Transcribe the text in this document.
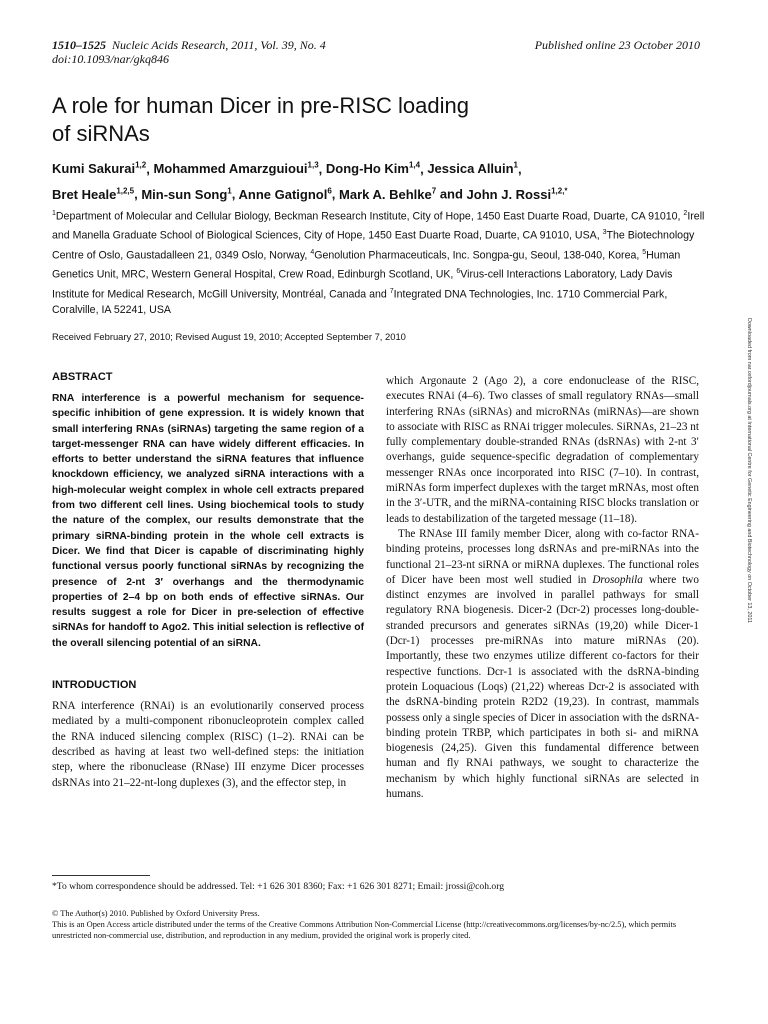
1510–1525 Nucleic Acids Research, 2011, Vol. 39, No. 4
doi:10.1093/nar/gkq846
Published online 23 October 2010
A role for human Dicer in pre-RISC loading
of siRNAs
Kumi Sakurai$^{1,2}$, Mohammed Amarzguioui$^{1,3}$, Dong-Ho Kim$^{1,4}$, Jessica Alluin$^1$,
Bret Heale$^{1,2,5}$, Min-sun Song$^1$, Anne Gatignol$^6$, Mark A. Behlke$^7$ and John J. Rossi$^{1,2,*}$
$^1$Department of Molecular and Cellular Biology, Beckman Research Institute, City of Hope, 1450 East Duarte Road, Duarte, CA 91010, $^2$Irell and Manella Graduate School of Biological Sciences, City of Hope, 1450 East Duarte Road, Duarte, CA 91010, USA, $^3$The Biotechnology Centre of Oslo, Gaustadalleen 21, 0349 Oslo, Norway, $^4$Genolution Pharmaceuticals, Inc. Songpa-gu, Seoul, 138-040, Korea, $^5$Human Genetics Unit, MRC, Western General Hospital, Crew Road, Edinburgh Scotland, UK, $^6$Virus-cell Interactions Laboratory, Lady Davis Institute for Medical Research, McGill University, Montréal, Canada and $^7$Integrated DNA Technologies, Inc. 1710 Commercial Park, Coralville, IA 52241, USA
Received February 27, 2010; Revised August 19, 2010; Accepted September 7, 2010	Downloaded from nar.oxfordjournals.org at International Centre for Genetic Engineering and Biotechnology on October 13, 2011
ABSTRACT

RNA interference is a powerful mechanism for sequence-specific inhibition of gene expression. It is widely known that small interfering RNAs (siRNAs) targeting the same region of a target-messenger RNA can have widely different efficacies. In efforts to better understand the siRNA features that influence knockdown efficiency, we analyzed siRNA interactions with a high-molecular weight complex in whole cell extracts prepared from two different cell lines. Using biochemical tools to study the nature of the complex, our results demonstrate that the primary siRNA-binding protein in the whole cell extracts is Dicer. We find that Dicer is capable of discriminating highly functional versus poorly functional siRNAs by recognizing the presence of 2-nt 3′ overhangs and the thermodynamic properties of 2–4 bp on both ends of effective siRNAs. Our results suggest a role for Dicer in pre-selection of effective siRNAs for handoff to Ago2. This initial selection is reflective of the overall silencing potential of an siRNA.

INTRODUCTION

RNA interference (RNAi) is an evolutionarily conserved process mediated by a multi-component ribonucleoprotein complex called the RNA induced silencing complex (RISC) (1–2). RNAi can be described as having at least two well-defined steps: the initiation step, where the ribonuclease (RNase) III enzyme Dicer processes dsRNAs into 21–22-nt-long duplexes (3), and the effector step, in

which Argonaute 2 (Ago 2), a core endonuclease of the RISC, executes RNAi (4–6). Two classes of small regulatory RNAs—small interfering RNAs (siRNAs) and microRNAs (miRNAs)—are shown to associate with RISC as RNAi trigger molecules. SiRNAs, 21–23 nt fully complementary double-stranded RNAs (dsRNAs) with 2-nt 3′ overhangs, guide sequence-specific degradation of complementary messenger RNAs once incorporated into RISC (7–10). In contrast, miRNAs form imperfect duplexes with the target mRNAs, most often in the 3′-UTR, and the miRNA-containing RISC blocks translation or leads to destabilization of the targeted message (11–18).

The RNAse III family member Dicer, along with co-factor RNA-binding proteins, processes long dsRNAs and pre-miRNAs into the functional 21–23-nt siRNA or miRNA duplexes. The functional roles of Dicer have been most well studied in Drosophila where two distinct enzymes are involved in parallel pathways for small regulatory RNA biogenesis. Dicer-2 (Dcr-2) processes long-double-stranded precursors and generates siRNAs (19,20) while Dicer-1 (Dcr-1) processes pre-miRNAs into mature miRNAs (20). Importantly, these two enzymes utilize different co-factors for their respective functions. Dcr-1 is associated with the dsRNA-binding protein Loquacious (Loqs) (21,22) whereas Dcr-2 is associated with the dsRNA-binding protein R2D2 (19,23). In contrast, mammals possess only a single species of Dicer in association with the dsRNA-binding protein TRBP, which participates in both si- and miRNA biogenesis (24,25). Given this fundamental difference between human and fly RNAi pathways, we sought to characterize the mechanism by which highly functional siRNAs are selected in humans.

*To whom correspondence should be addressed. Tel: +1 626 301 8360; Fax: +1 626 301 8271; Email: jrossi@coh.org
© The Author(s) 2010. Published by Oxford University Press.

This is an Open Access article distributed under the terms of the Creative Commons Attribution Non-Commercial License (http://creativecommons.org/licenses/by-nc/2.5), which permits unrestricted non-commercial use, distribution, and reproduction in any medium, provided the original work is properly cited.
